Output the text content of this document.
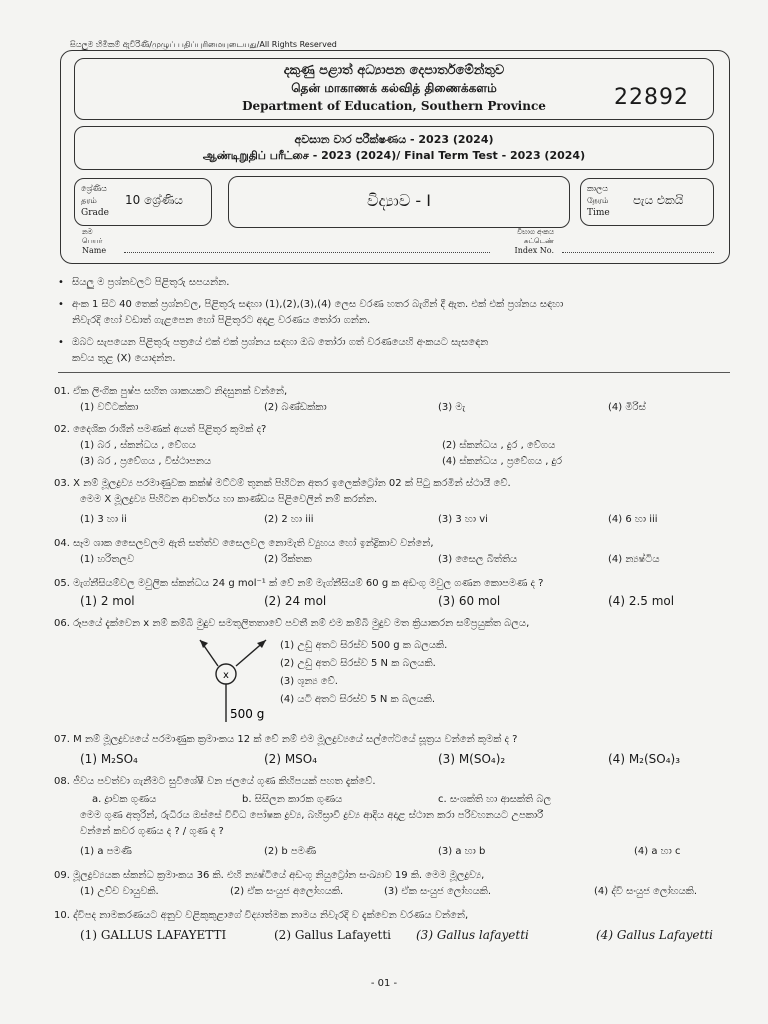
සියලුම හිමිකම් ඇවිරිණි/முழுப் பதிப்புரிமையுடையது/All Rights Reserved
දකුණු පළාත් අධ්‍යාපන දෙපාර්තමේන්තුව
தென் மாகாணக் கல்வித் திணைக்களம்
Department of Education, Southern Province	22892
අවසාන වාර පරීක්ෂණය - 2023 (2024)
ஆண்டிறுதிப் பரீட்சை - 2023 (2024)/ Final Term Test - 2023 (2024)
ශ්‍රේණිය
தரம்
Grade
10 ශ්‍රේණිය	විද්‍යාව - I
කාලය
நேரம்
Time
පැය එකයි
නම
பெயர்
Name
විභාග අංකය
சுட்டெண்
Index No.
• සියලු ම ප්‍රශ්නවලට පිළිතුරු සපයන්න.
• අංක 1 සිට 40 තෙක් ප්‍රශ්නවල, පිළිතුරු සඳහා (1),(2),(3),(4) ලෙස වරණ හතර බැගින් දී ඇත. එක් එක් ප්‍රශ්නය සඳහා
නිවැරදි හෝ වඩාත් ගැළපෙන හෝ පිළිතුරට අදාළ වරණය තෝරා ගන්න.
• ඔබට සැපයෙන පිළිතුරු පත්‍රයේ එක් එක් ප්‍රශ්නය සඳහා ඔබ තෝරා ගත් වරණයෙහි අංකයට සැසඳෙන
කවය තුළ (X) යොදන්න.
01. ඒක ලිංගික පුෂ්ප සහිත ශාකයකට නිදසුනක් වන්නේ,
(1) වට්ටක්කා	(2) බණ්ඩක්කා	(3) මැ	(4) මිරිස්
02. දෛශික රාශීන් පමණක් අයත් පිළිතුර කුමක් ද?
(1) බර , ස්කන්ධය , වේගය	(2) ස්කන්ධය , දුර , වේගය
(3) බර , ප්‍රවේගය , විස්ථාපනය	(4) ස්කන්ධය , ප්‍රවේගය , දුර
03. X නම් මූලද්‍රව්‍ය පරමාණුවක කක්ෂ් මට්ටම් තුනක් පිහිටන අතර ඉලෙක්ට්‍රෝන 02 ක් පිටු කරමින් ස්ථායී වේ.
මෙම X මූලද්‍රව්‍ය පිහිටන ආවර්තය හා කාණ්ඩය පිළිවෙලින් නම් කරන්න.
(1) 3 හා ii	(2) 2 හා iii	(3) 3 හා vi	(4) 6 හා iii
04. සෑම ශාක සෛලවලම ඇති සත්ත්ව සෛලවල නොමැති ව්‍යුහය හෝ ඉන්ද්‍රිකාව වන්නේ,
(1) හරිතලව	(2) රික්තක	(3) සෛල බිත්තිය	(4) න්‍යෂ්ටිය
05. මැග්නීසියම්වල මවුලික ස්කන්ධය 24 g mol⁻¹ ක් වේ නම් මැග්නීසියම් 60 g ක අඩංගු මවුල ගණන කොපමණ ද ?
(1) 2 mol	(2) 24 mol	(3) 60 mol	(4) 2.5 mol
06. රූපයේ දැක්වෙන x නම් කම්බි මුදුව සමතුලිතතාවේ පවතී නම් එම කම්බි මුදුව මත ක්‍රියාකරන සම්ප්‍රයුක්ත බලය,
x
500 g
(1) උඩු අතට සිරස්ව 500 g ක බලයකි.
(2) උඩු අතට සිරස්ව 5 N ක බලයකි.
(3) ශූන්‍ය වේ.
(4) යටි අතට සිරස්ව 5 N ක බලයකි.
07. M නම් මූලද්‍රව්‍යයේ පරමාණුක ක්‍රමාංකය 12 ක් වේ නම් එම මූලද්‍රව්‍යයේ සල්ෆේටයේ සූත්‍රය වන්නේ කුමක් ද ?
(1) M₂SO₄	(2) MSO₄	(3) M(SO₄)₂	(4) M₂(SO₄)₃
08. ජීවය පවත්වා ගැනීමට සුවිශේෂී වන ජලයේ ගුණ කිහිපයක් පහත දැක්වේ.
a. ද්‍රාවක ගුණය	b. සිසිලන කාරක ගුණය	c. සංශක්ති හා ආසක්ති බල
මෙම ගුණ අතුරින්, රුධිරය ඔස්සේ විවිධ පෝෂක ද්‍රව්‍ය, බහිස්‍රාවී ද්‍රව්‍ය ආදිය අදාළ ස්ථාන කරා පරිවහනයට උපකාරී
වන්නේ කවර ගුණය ද ? / ගුණ ද ?
(1) a පමණි	(2) b පමණි	(3) a හා b	(4) a හා c
09. මූලද්‍රව්‍යයක ස්කන්ධ ක්‍රමාංකය 36 කි. එහි න්‍යෂ්ටියේ අඩංගු නියුට්‍රෝන සංඛ්‍යාව 19 කි. මෙම මූලද්‍රව්‍ය,
(1) උච්ච වායුවකි.	(2) ඒක සංයුජ අලෝහයකි.	(3) ඒක සංයුජ ලෝහයකි.	(4) ද්වි සංයුජ ලෝහයකි.
10. ද්විපද නාමකරණයට අනුව වළිකුකුළාගේ විද්‍යාත්මක නාමය නිවැරදි ව දැක්වෙන වරණය වන්නේ,
(1) GALLUS LAFAYETTI	(2) Gallus Lafayetti (3) Gallus lafayetti	(4) Gallus Lafayetti
- 01 -
